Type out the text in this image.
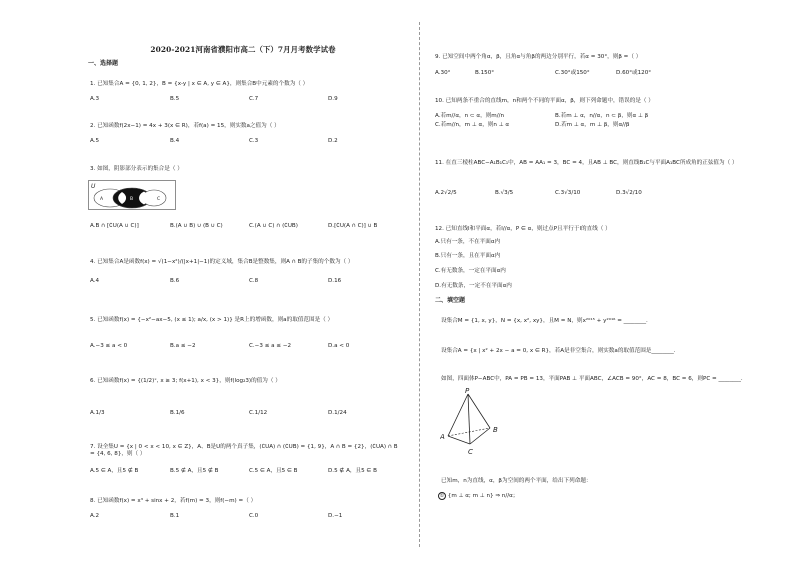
2020-2021河南省濮阳市高二（下）7月月考数学试卷
一、选择题
1. 已知集合A = {0, 1, 2}，B = {x-y | x ∈ A, y ∈ A}，则集合B中元素的个数为（ ）
A.3	B.5	C.7	D.9
2. 已知函数f(2x−1) = 4x + 3(x ∈ R)，若f(a) = 15，则实数a之值为（ ）
A.5	B.4	C.3	D.2
3. 如图，阴影部分表示的集合是（ ）
A.B ∩ [∁U(A ∪ C)]	B.(A ∪ B) ∪ (B ∪ C)	C.(A ∪ C) ∩ (∁UB)	D.[∁U(A ∩ C)] ∪ B
4. 已知集合A是函数f(x) = √(1−x²)/(|x+1|−1)的定义域，集合B是整数集，则A ∩ B的子集的个数为（ ）
A.4	B.6	C.8	D.16
5. 已知函数f(x) = {−x²−ax−5, (x ≤ 1); a/x, (x > 1)} 是R上的增函数，则a的取值范围是（ ）
A.−3 ≤ a < 0	B.a ≤ −2	C.−3 ≤ a ≤ −2	D.a < 0
6. 已知函数f(x) = {(1/2)ˣ, x ≥ 3; f(x+1), x < 3}，则f(log₂3)的值为（ ）
A.1/3	B.1/6	C.1/12	D.1/24
7. 设全集U = {x | 0 < x < 10, x ∈ Z}，A、B是U的两个真子集，(∁UA) ∩ (∁UB) = {1, 9}，A ∩ B = {2}，(∁UA) ∩ B = {4, 6, 8}，则（ ）
A.5 ∈ A，且5 ∉ B	B.5 ∉ A，且5 ∉ B	C.5 ∈ A，且5 ∈ B	D.5 ∉ A，且5 ∈ B
8. 已知函数f(x) = x³ + sinx + 2，若f(m) = 3，则f(−m) =（ ）
A.2	B.1	C.0	D.−1
U
A	B	C
9. 已知空间中两个角α，β，且角α与角β的两边分别平行，若α = 30°，则β =（ ）
A.30°	B.150°	C.30°或150°	D.60°或120°
10. 已知两条不重合的直线m，n和两个不同的平面α，β，则下列命题中，错误的是（ ）
A.若m//α，n ⊂ α，则m//n	B.若m ⊥ α，n//α，n ⊂ β，则α ⊥ β
C.若m//n，m ⊥ α，则n ⊥ α	D.若m ⊥ α，m ⊥ β，则α//β
11. 在直三棱柱ABC−A₁B₁C₁中，AB = AA₁ = 3，BC = 4，且AB ⊥ BC，则直线B₁C与平面A₁BC所成角的正弦值为（ ）
A.2√2/5	B.√3/5	C.3√3/10	D.3√2/10
12. 已知直线l和平面α，若l//α，P ∈ α，则过点P且平行于l的直线（ ）
A.只有一条，不在平面α内
B.只有一条，且在平面α内
C.有无数条，一定在平面α内
D.有无数条，一定不在平面α内
二、填空题
设集合M = {1, x, y}，N = {x, x², xy}，且M = N，则x²⁰¹⁵ + y²⁰¹⁶ = ________.
设集合A = {x | x² + 2x − a = 0, x ∈ R}，若A是非空集合，则实数a的取值范围是________.
如图，四面体P−ABC中，PA = PB = 13，平面PAB ⊥ 平面ABC，∠ACB = 90°，AC = 8，BC = 6，则PC = ________.
已知m，n为直线，α，β为空间的两个平面，给出下列命题：
① {m ⊥ α; m ⊥ n} ⇒ n//α；
P
A
B
C
